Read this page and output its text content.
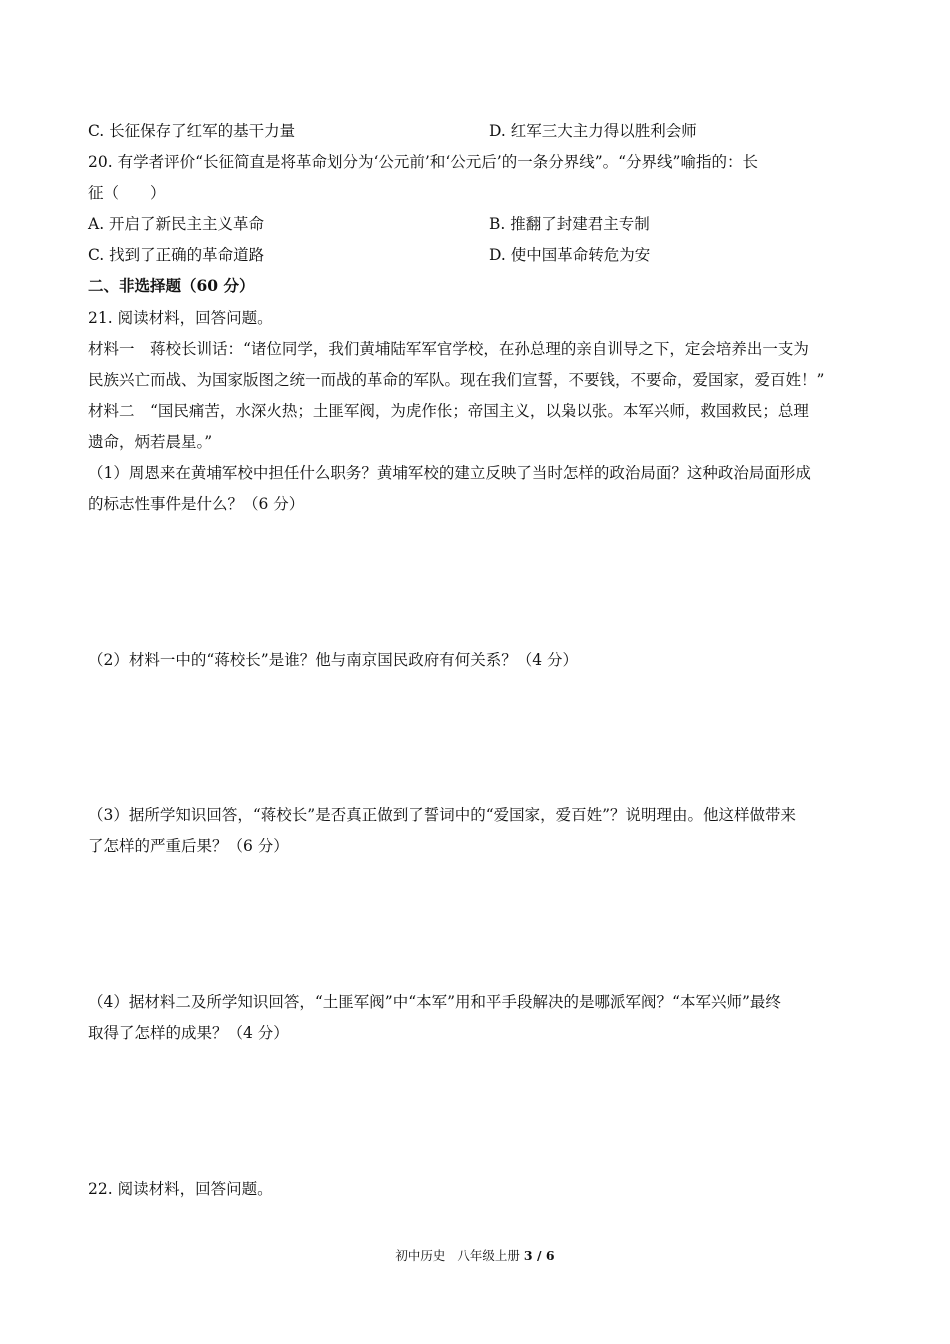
C. 长征保存了红军的基干力量	D. 红军三大主力得以胜利会师
20. 有学者评价“长征简直是将革命划分为‘公元前’和‘公元后’的一条分界线”。“分界线”喻指的：长
征（　　）
A. 开启了新民主主义革命	B. 推翻了封建君主专制
C. 找到了正确的革命道路	D. 使中国革命转危为安
二、非选择题（60 分）
21. 阅读材料，回答问题。
材料一　蒋校长训话：“诸位同学，我们黄埔陆军军官学校，在孙总理的亲自训导之下，定会培养出一支为
民族兴亡而战、为国家版图之统一而战的革命的军队。现在我们宣誓，不要钱，不要命，爱国家，爱百姓！”
材料二　“国民痛苦，水深火热；土匪军阀，为虎作伥；帝国主义，以枭以张。本军兴师，救国救民；总理
遗命，炳若晨星。”
（1）周恩来在黄埔军校中担任什么职务？黄埔军校的建立反映了当时怎样的政治局面？这种政治局面形成
的标志性事件是什么？（6 分）
（2）材料一中的“蒋校长”是谁？他与南京国民政府有何关系？（4 分）
（3）据所学知识回答，“蒋校长”是否真正做到了誓词中的“爱国家，爱百姓”？说明理由。他这样做带来
了怎样的严重后果？（6 分）
（4）据材料二及所学知识回答，“土匪军阀”中“本军”用和平手段解决的是哪派军阀？“本军兴师”最终
取得了怎样的成果？（4 分）
22. 阅读材料，回答问题。
初中历史 八年级上册 3 / 6
